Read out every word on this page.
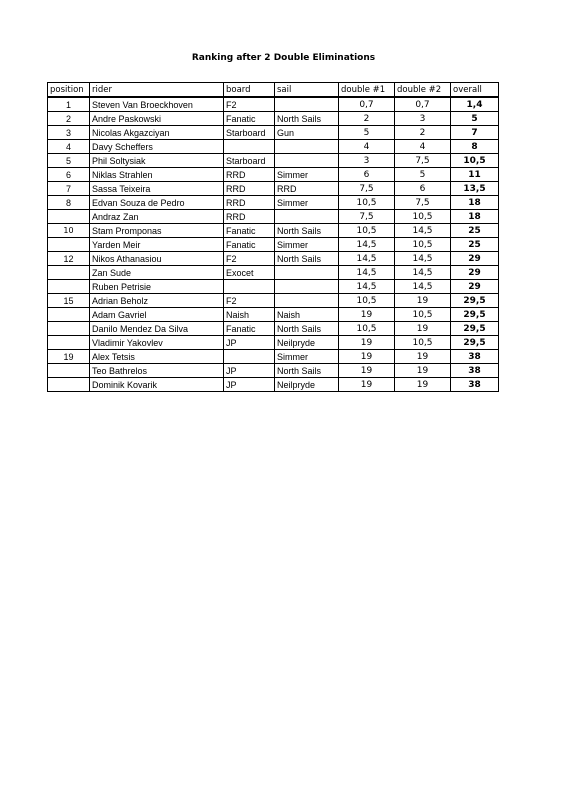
Ranking after 2 Double Eliminations
position	rider	board	sail	double #1	double #2	overall
1	Steven Van Broeckhoven	F2		0,7	0,7	1,4
2	Andre Paskowski	Fanatic	North Sails	2	3	5
3	Nicolas Akgazciyan	Starboard	Gun	5	2	7
4	Davy Scheffers			4	4	8
5	Phil Soltysiak	Starboard		3	7,5	10,5
6	Niklas Strahlen	RRD	Simmer	6	5	11
7	Sassa Teixeira	RRD	RRD	7,5	6	13,5
8	Edvan Souza de Pedro	RRD	Simmer	10,5	7,5	18
	Andraz Zan	RRD		7,5	10,5	18
10	Stam Promponas	Fanatic	North Sails	10,5	14,5	25
	Yarden Meir	Fanatic	Simmer	14,5	10,5	25
12	Nikos Athanasiou	F2	North Sails	14,5	14,5	29
	Zan Sude	Exocet		14,5	14,5	29
	Ruben Petrisie			14,5	14,5	29
15	Adrian Beholz	F2		10,5	19	29,5
	Adam Gavriel	Naish	Naish	19	10,5	29,5
	Danilo Mendez Da Silva	Fanatic	North Sails	10,5	19	29,5
	Vladimir Yakovlev	JP	Neilpryde	19	10,5	29,5
19	Alex Tetsis		Simmer	19	19	38
	Teo Bathrelos	JP	North Sails	19	19	38
	Dominik Kovarik	JP	Neilpryde	19	19	38
